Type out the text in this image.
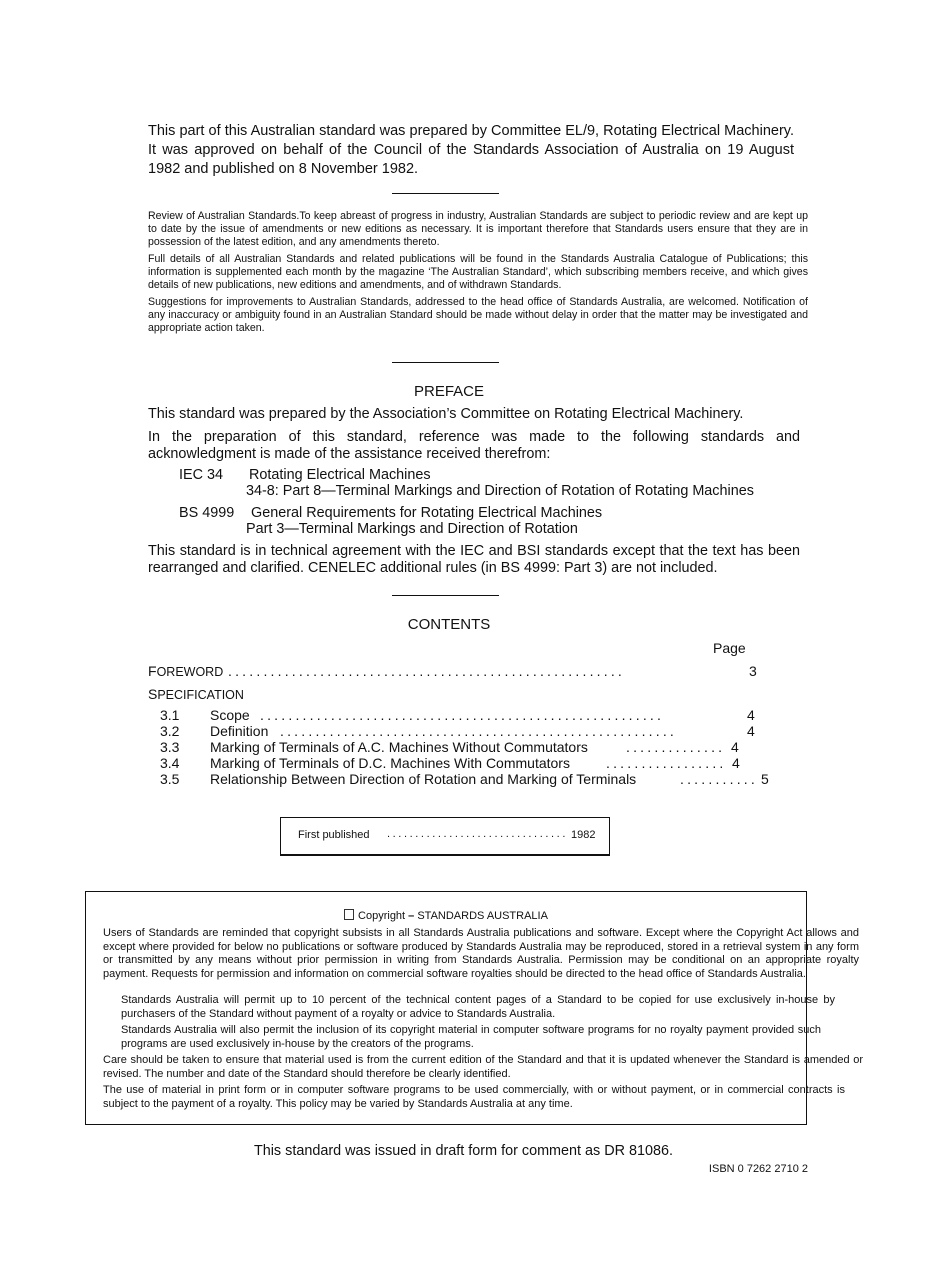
This part of this Australian standard was prepared by Committee EL/9, Rotating Electrical Machinery. It was approved on behalf of the Council of the Standards Association of Australia on 19 August 1982 and published on 8 November 1982.

Review of Australian Standards.To keep abreast of progress in industry, Australian Standards are subject to periodic review and are kept up to date by the issue of amendments or new editions as necessary. It is important therefore that Standards users ensure that they are in possession of the latest edition, and any amendments thereto.

Full details of all Australian Standards and related publications will be found in the Standards Australia Catalogue of Publications; this information is supplemented each month by the magazine ‘The Australian Standard’, which subscribing members receive, and which gives details of new publications, new editions and amendments, and of withdrawn Standards.

Suggestions for improvements to Australian Standards, addressed to the head office of Standards Australia, are welcomed. Notification of any inaccuracy or ambiguity found in an Australian Standard should be made without delay in order that the matter may be investigated and appropriate action taken.

PREFACE

This standard was prepared by the Association’s Committee on Rotating Electrical Machinery.

In the preparation of this standard, reference was made to the following standards and acknowledgment is made of the assistance received therefrom:

IEC 34 Rotating Electrical Machines
34-8: Part 8—Terminal Markings and Direction of Rotation of Rotating Machines
BS 4999 General Requirements for Rotating Electrical Machines
Part 3—Terminal Markings and Direction of Rotation
This standard is in technical agreement with the IEC and BSI standards except that the text has been rearranged and clarified. CENELEC additional rules (in BS 4999: Part 3) are not included.
CONTENTS
Page
FOREWORD ........................................................	3
SPECIFICATION
3.1 Scope .........................................................	4
3.2 Definition ........................................................	4
3.3 Marking of Terminals of A.C. Machines Without Commutators	.............. 4
3.4 Marking of Terminals of D.C. Machines With Commutators	................. 4
3.5 Relationship Between Direction of Rotation and Marking of Terminals	........... 5
First published ................................ 1982
Copyright – STANDARDS AUSTRALIA
Users of Standards are reminded that copyright subsists in all Standards Australia publications and software. Except where the Copyright Act allows and except where provided for below no publications or software produced by Standards Australia may be reproduced, stored in a retrieval system in any form or transmitted by any means without prior permission in writing from Standards Australia. Permission may be conditional on an appropriate royalty payment. Requests for permission and information on commercial software royalties should be directed to the head office of Standards Australia.
Standards Australia will permit up to 10 percent of the technical content pages of a Standard to be copied for use exclusively in-house by purchasers of the Standard without payment of a royalty or advice to Standards Australia.
Standards Australia will also permit the inclusion of its copyright material in computer software programs for no royalty payment provided such programs are used exclusively in-house by the creators of the programs.
Care should be taken to ensure that material used is from the current edition of the Standard and that it is updated whenever the Standard is amended or revised. The number and date of the Standard should therefore be clearly identified.
The use of material in print form or in computer software programs to be used commercially, with or without payment, or in commercial contracts is subject to the payment of a royalty. This policy may be varied by Standards Australia at any time.
This standard was issued in draft form for comment as DR 81086.
ISBN 0 7262 2710 2
